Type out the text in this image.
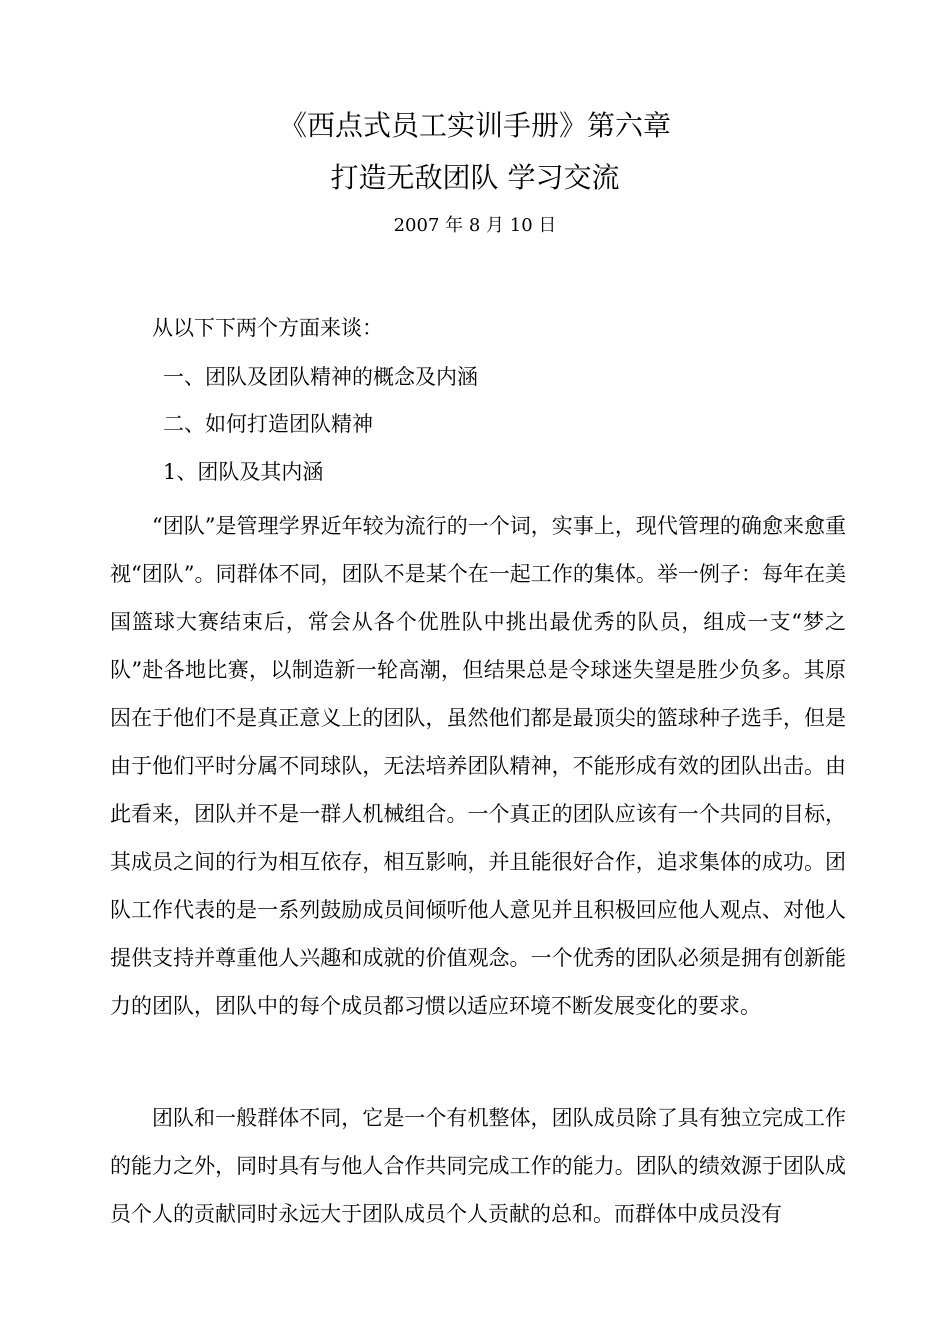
《西点式员工实训手册》第六章
打造无敌团队 学习交流
2007 年 8 月 10 日
从以下下两个方面来谈：
一、团队及团队精神的概念及内涵
二、如何打造团队精神
1、团队及其内涵
“团队”是管理学界近年较为流行的一个词，实事上，现代管理的确愈来愈重视“团队”。同群体不同，团队不是某个在一起工作的集体。举一例子：每年在美国篮球大赛结束后，常会从各个优胜队中挑出最优秀的队员，组成一支“梦之队”赴各地比赛，以制造新一轮高潮，但结果总是令球迷失望是胜少负多。其原因在于他们不是真正意义上的团队，虽然他们都是最顶尖的篮球种子选手，但是由于他们平时分属不同球队，无法培养团队精神，不能形成有效的团队出击。由此看来，团队并不是一群人机械组合。一个真正的团队应该有一个共同的目标，其成员之间的行为相互依存，相互影响，并且能很好合作，追求集体的成功。团队工作代表的是一系列鼓励成员间倾听他人意见并且积极回应他人观点、对他人提供支持并尊重他人兴趣和成就的价值观念。一个优秀的团队必须是拥有创新能力的团队，团队中的每个成员都习惯以适应环境不断发展变化的要求。
团队和一般群体不同，它是一个有机整体，团队成员除了具有独立完成工作的能力之外，同时具有与他人合作共同完成工作的能力。团队的绩效源于团队成员个人的贡献同时永远大于团队成员个人贡献的总和。而群体中成员没有
